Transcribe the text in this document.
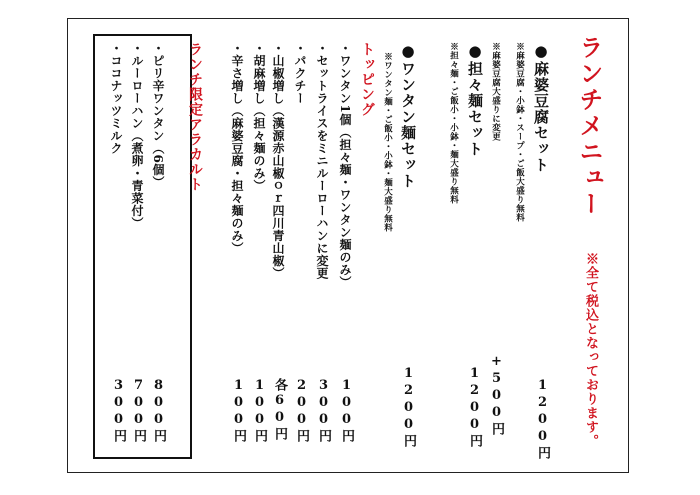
ランチメニュー

※全て税込となっております。

●麻婆豆腐セット

※麻婆豆腐・小鉢・スープ・ご飯大盛り無料

1200円

※麻婆豆腐大盛りに変更

+500円

●担々麺セット

※担々麺・ご飯小・小鉢・麺大盛り無料

1200円

●ワンタン麺セット

※ワンタン麺・ご飯小・小鉢・麺大盛り無料

1200円

トッピング

・ワンタン1個（担々麺・ワンタン麺のみ）

100円

・セットライスをミニルーローハンに変更

300円

・パクチー

200円

・山椒増し（漢源赤山椒ｏｒ四川青山椒）

各60円

・胡麻増し（担々麺のみ）

100円

・辛さ増し（麻婆豆腐・担々麺のみ）

100円

ランチ限定アラカルト

・ピリ辛ワンタン（6個）

800円

・ルーローハン（煮卵・青菜付）

700円

・ココナッツミルク

300円
